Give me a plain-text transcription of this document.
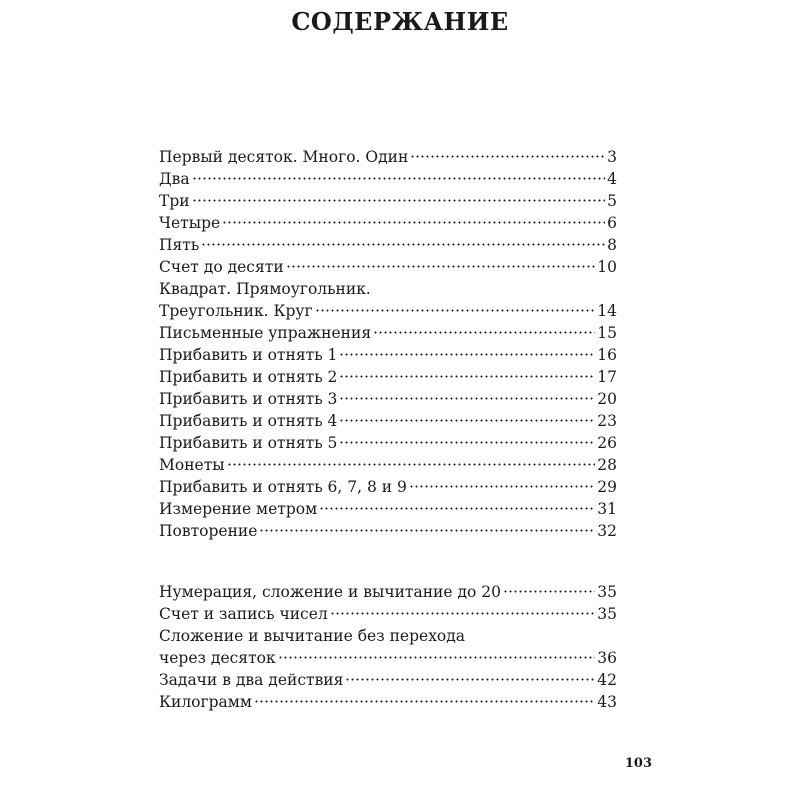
СОДЕРЖАНИЕ
Первый десяток. Много. Один	3
Два	4
Три	5
Четыре	6
Пять	8
Счет до десяти	10
Квадрат. Прямоугольник.
Треугольник. Круг	14
Письменные упражнения	15
Прибавить и отнять 1	16
Прибавить и отнять 2	17
Прибавить и отнять 3	20
Прибавить и отнять 4	23
Прибавить и отнять 5	26
Монеты	28
Прибавить и отнять 6, 7, 8 и 9	29
Измерение метром	31
Повторение	32
Нумерация, сложение и вычитание до 20	35
Счет и запись чисел	35
Сложение и вычитание без перехода
через десяток	36
Задачи в два действия	42
Килограмм	43
103
